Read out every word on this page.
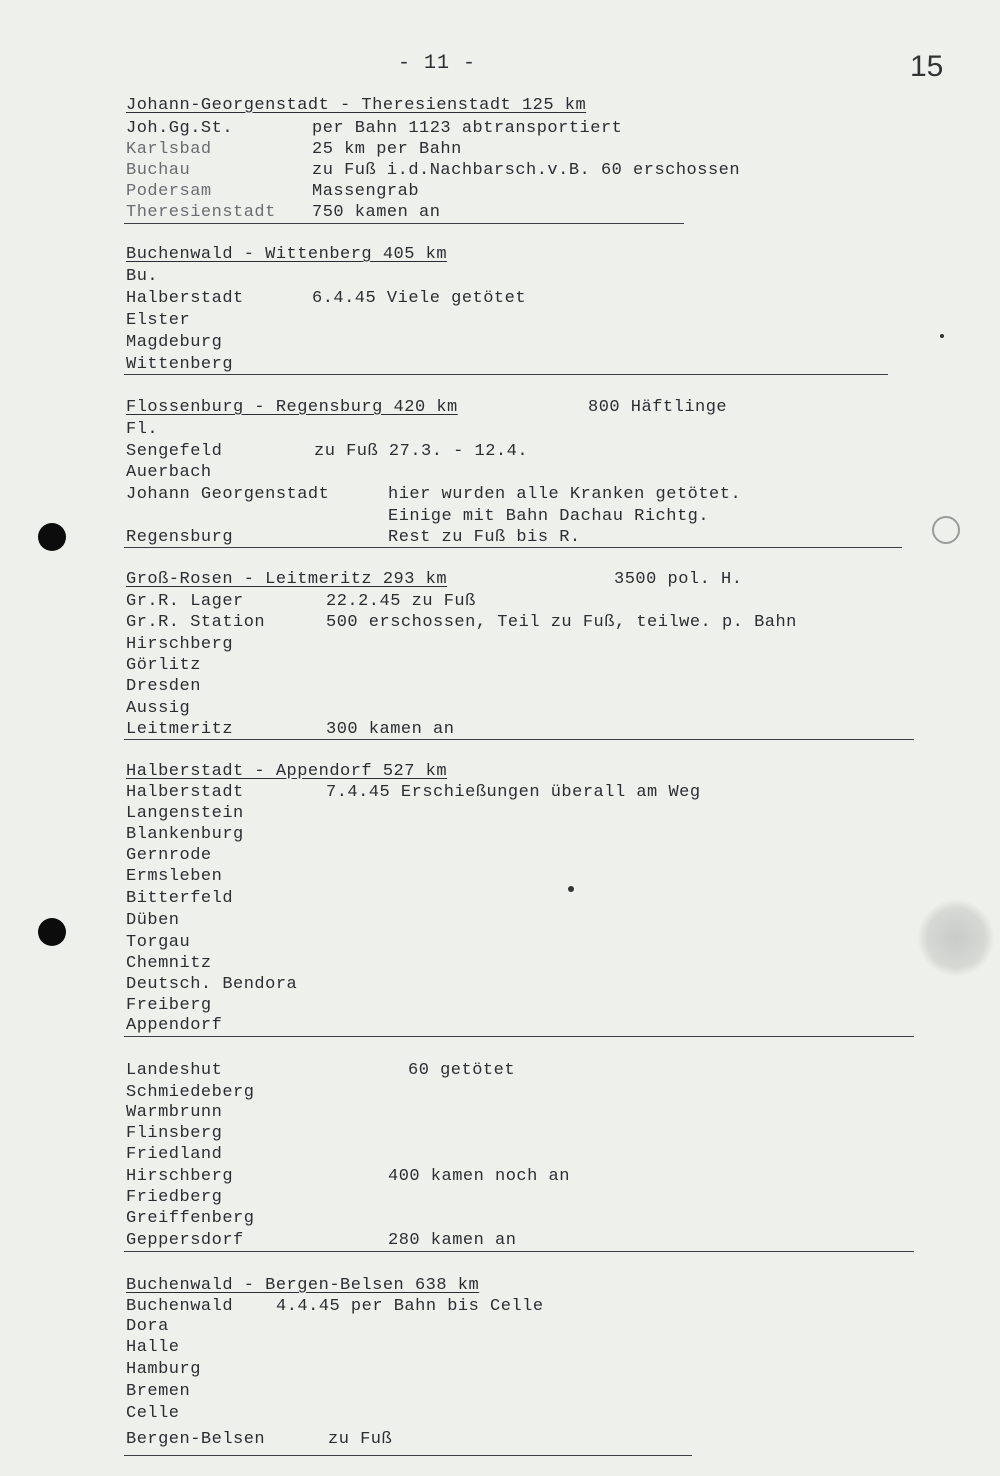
- 11 -	15
Johann-Georgenstadt - Theresienstadt 125 km
Joh.Gg.St.	per Bahn 1123 abtransportiert
Karlsbad	25 km per Bahn
Buchau	zu Fuß i.d.Nachbarsch.v.B. 60 erschossen
Podersam	Massengrab
Theresienstadt 750 kamen an
Buchenwald - Wittenberg 405 km
Bu.
Halberstadt	6.4.45 Viele getötet
Elster
Magdeburg
Wittenberg
Flossenburg - Regensburg 420 km	800 Häftlinge
Fl.
Sengefeld	zu Fuß 27.3. - 12.4.
Auerbach
Johann Georgenstadt	hier wurden alle Kranken getötet.
Einige mit Bahn Dachau Richtg.
Regensburg	Rest zu Fuß bis R.
Groß-Rosen - Leitmeritz 293 km	3500 pol. H.
Gr.R. Lager	22.2.45 zu Fuß
Gr.R. Station	500 erschossen, Teil zu Fuß, teilwe. p. Bahn
Hirschberg
Görlitz
Dresden
Aussig
Leitmeritz	300 kamen an
Halberstadt - Appendorf 527 km
Halberstadt	7.4.45 Erschießungen überall am Weg
Langenstein
Blankenburg
Gernrode
Ermsleben
Bitterfeld
Düben
Torgau
Chemnitz
Deutsch. Bendora
Freiberg
Appendorf
Landeshut	60 getötet
Schmiedeberg
Warmbrunn
Flinsberg
Friedland
Hirschberg	400 kamen noch an
Friedberg
Greiffenberg
Geppersdorf	280 kamen an
Buchenwald - Bergen-Belsen 638 km
Buchenwald	4.4.45 per Bahn bis Celle
Dora
Halle
Hamburg
Bremen
Celle
Bergen-Belsen	zu Fuß
